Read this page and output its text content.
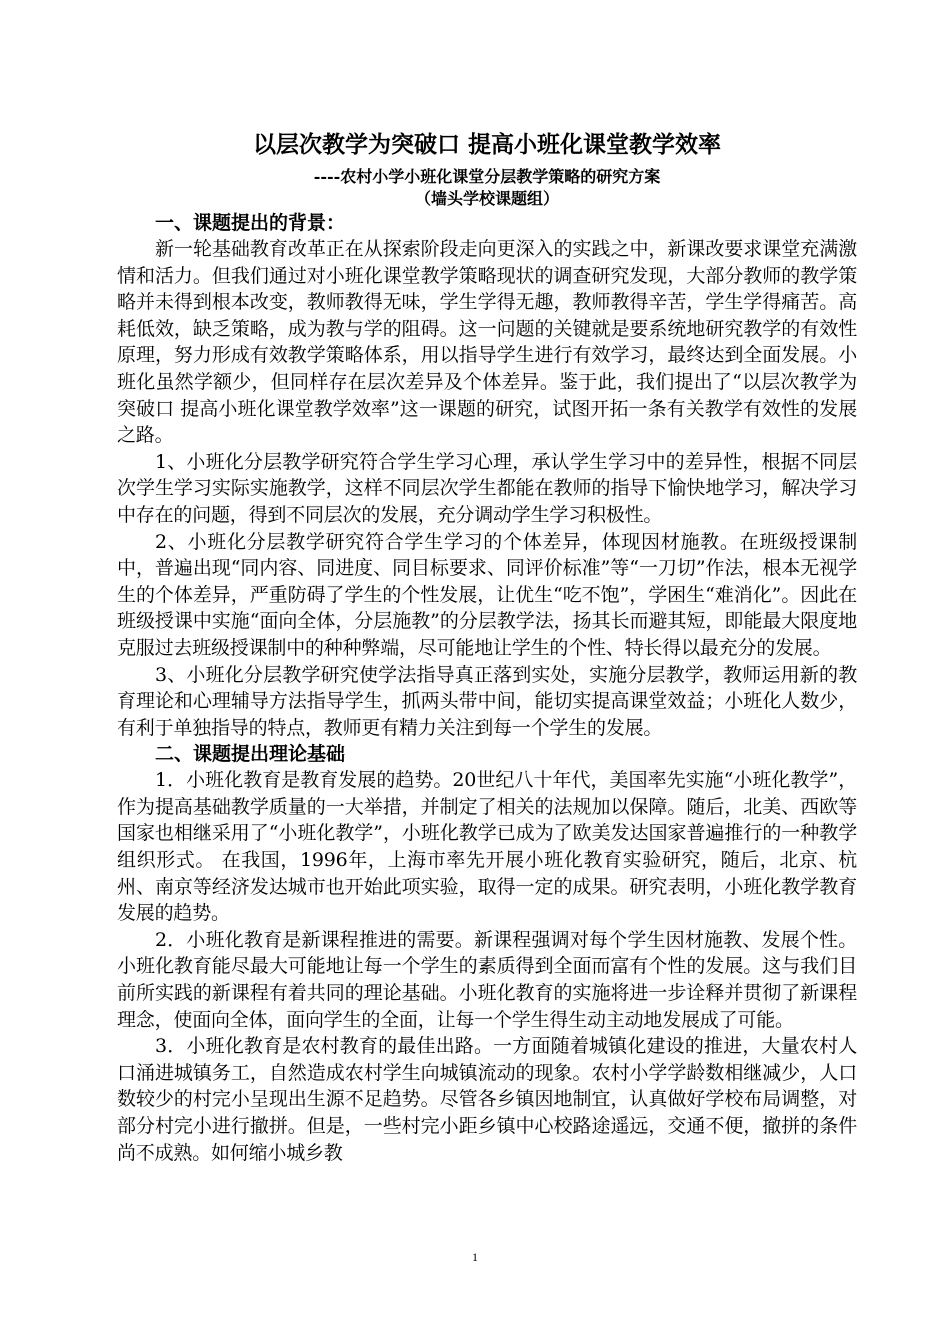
以层次教学为突破口 提高小班化课堂教学效率

----农村小学小班化课堂分层教学策略的研究方案

（墙头学校课题组）

一、课题提出的背景：

新一轮基础教育改革正在从探索阶段走向更深入的实践之中，新课改要求课堂充满激情和活力。但我们通过对小班化课堂教学策略现状的调查研究发现，大部分教师的教学策略并未得到根本改变，教师教得无味，学生学得无趣，教师教得辛苦，学生学得痛苦。高耗低效，缺乏策略，成为教与学的阻碍。这一问题的关键就是要系统地研究教学的有效性原理，努力形成有效教学策略体系，用以指导学生进行有效学习，最终达到全面发展。小班化虽然学额少，但同样存在层次差异及个体差异。鉴于此，我们提出了“以层次教学为突破口 提高小班化课堂教学效率”这一课题的研究，试图开拓一条有关教学有效性的发展之路。

1、小班化分层教学研究符合学生学习心理，承认学生学习中的差异性，根据不同层次学生学习实际实施教学，这样不同层次学生都能在教师的指导下愉快地学习，解决学习中存在的问题，得到不同层次的发展，充分调动学生学习积极性。

2、小班化分层教学研究符合学生学习的个体差异，体现因材施教。在班级授课制中，普遍出现“同内容、同进度、同目标要求、同评价标准”等“一刀切”作法，根本无视学生的个体差异，严重防碍了学生的个性发展，让优生“吃不饱”，学困生“难消化”。因此在班级授课中实施“面向全体，分层施教”的分层教学法，扬其长而避其短，即能最大限度地克服过去班级授课制中的种种弊端，尽可能地让学生的个性、特长得以最充分的发展。

3、小班化分层教学研究使学法指导真正落到实处，实施分层教学，教师运用新的教育理论和心理辅导方法指导学生，抓两头带中间，能切实提高课堂效益；小班化人数少，有利于单独指导的特点，教师更有精力关注到每一个学生的发展。

二、课题提出理论基础

1．小班化教育是教育发展的趋势。20世纪八十年代，美国率先实施“小班化教学”， 作为提高基础教学质量的一大举措，并制定了相关的法规加以保障。随后，北美、西欧等国家也相继采用了“小班化教学”，小班化教学已成为了欧美发达国家普遍推行的一种教学组织形式。 在我国，1996年，上海市率先开展小班化教育实验研究，随后，北京、杭州、南京等经济发达城市也开始此项实验，取得一定的成果。研究表明，小班化教学教育发展的趋势。

2．小班化教育是新课程推进的需要。新课程强调对每个学生因材施教、发展个性。小班化教育能尽最大可能地让每一个学生的素质得到全面而富有个性的发展。这与我们目前所实践的新课程有着共同的理论基础。小班化教育的实施将进一步诠释并贯彻了新课程理念，使面向全体，面向学生的全面，让每一个学生得生动主动地发展成了可能。

3．小班化教育是农村教育的最佳出路。一方面随着城镇化建设的推进，大量农村人口涌进城镇务工，自然造成农村学生向城镇流动的现象。农村小学学龄数相继减少，人口数较少的村完小呈现出生源不足趋势。尽管各乡镇因地制宜，认真做好学校布局调整，对部分村完小进行撤拼。但是，一些村完小距乡镇中心校路途遥远，交通不便，撤拼的条件尚不成熟。如何缩小城乡教

1
